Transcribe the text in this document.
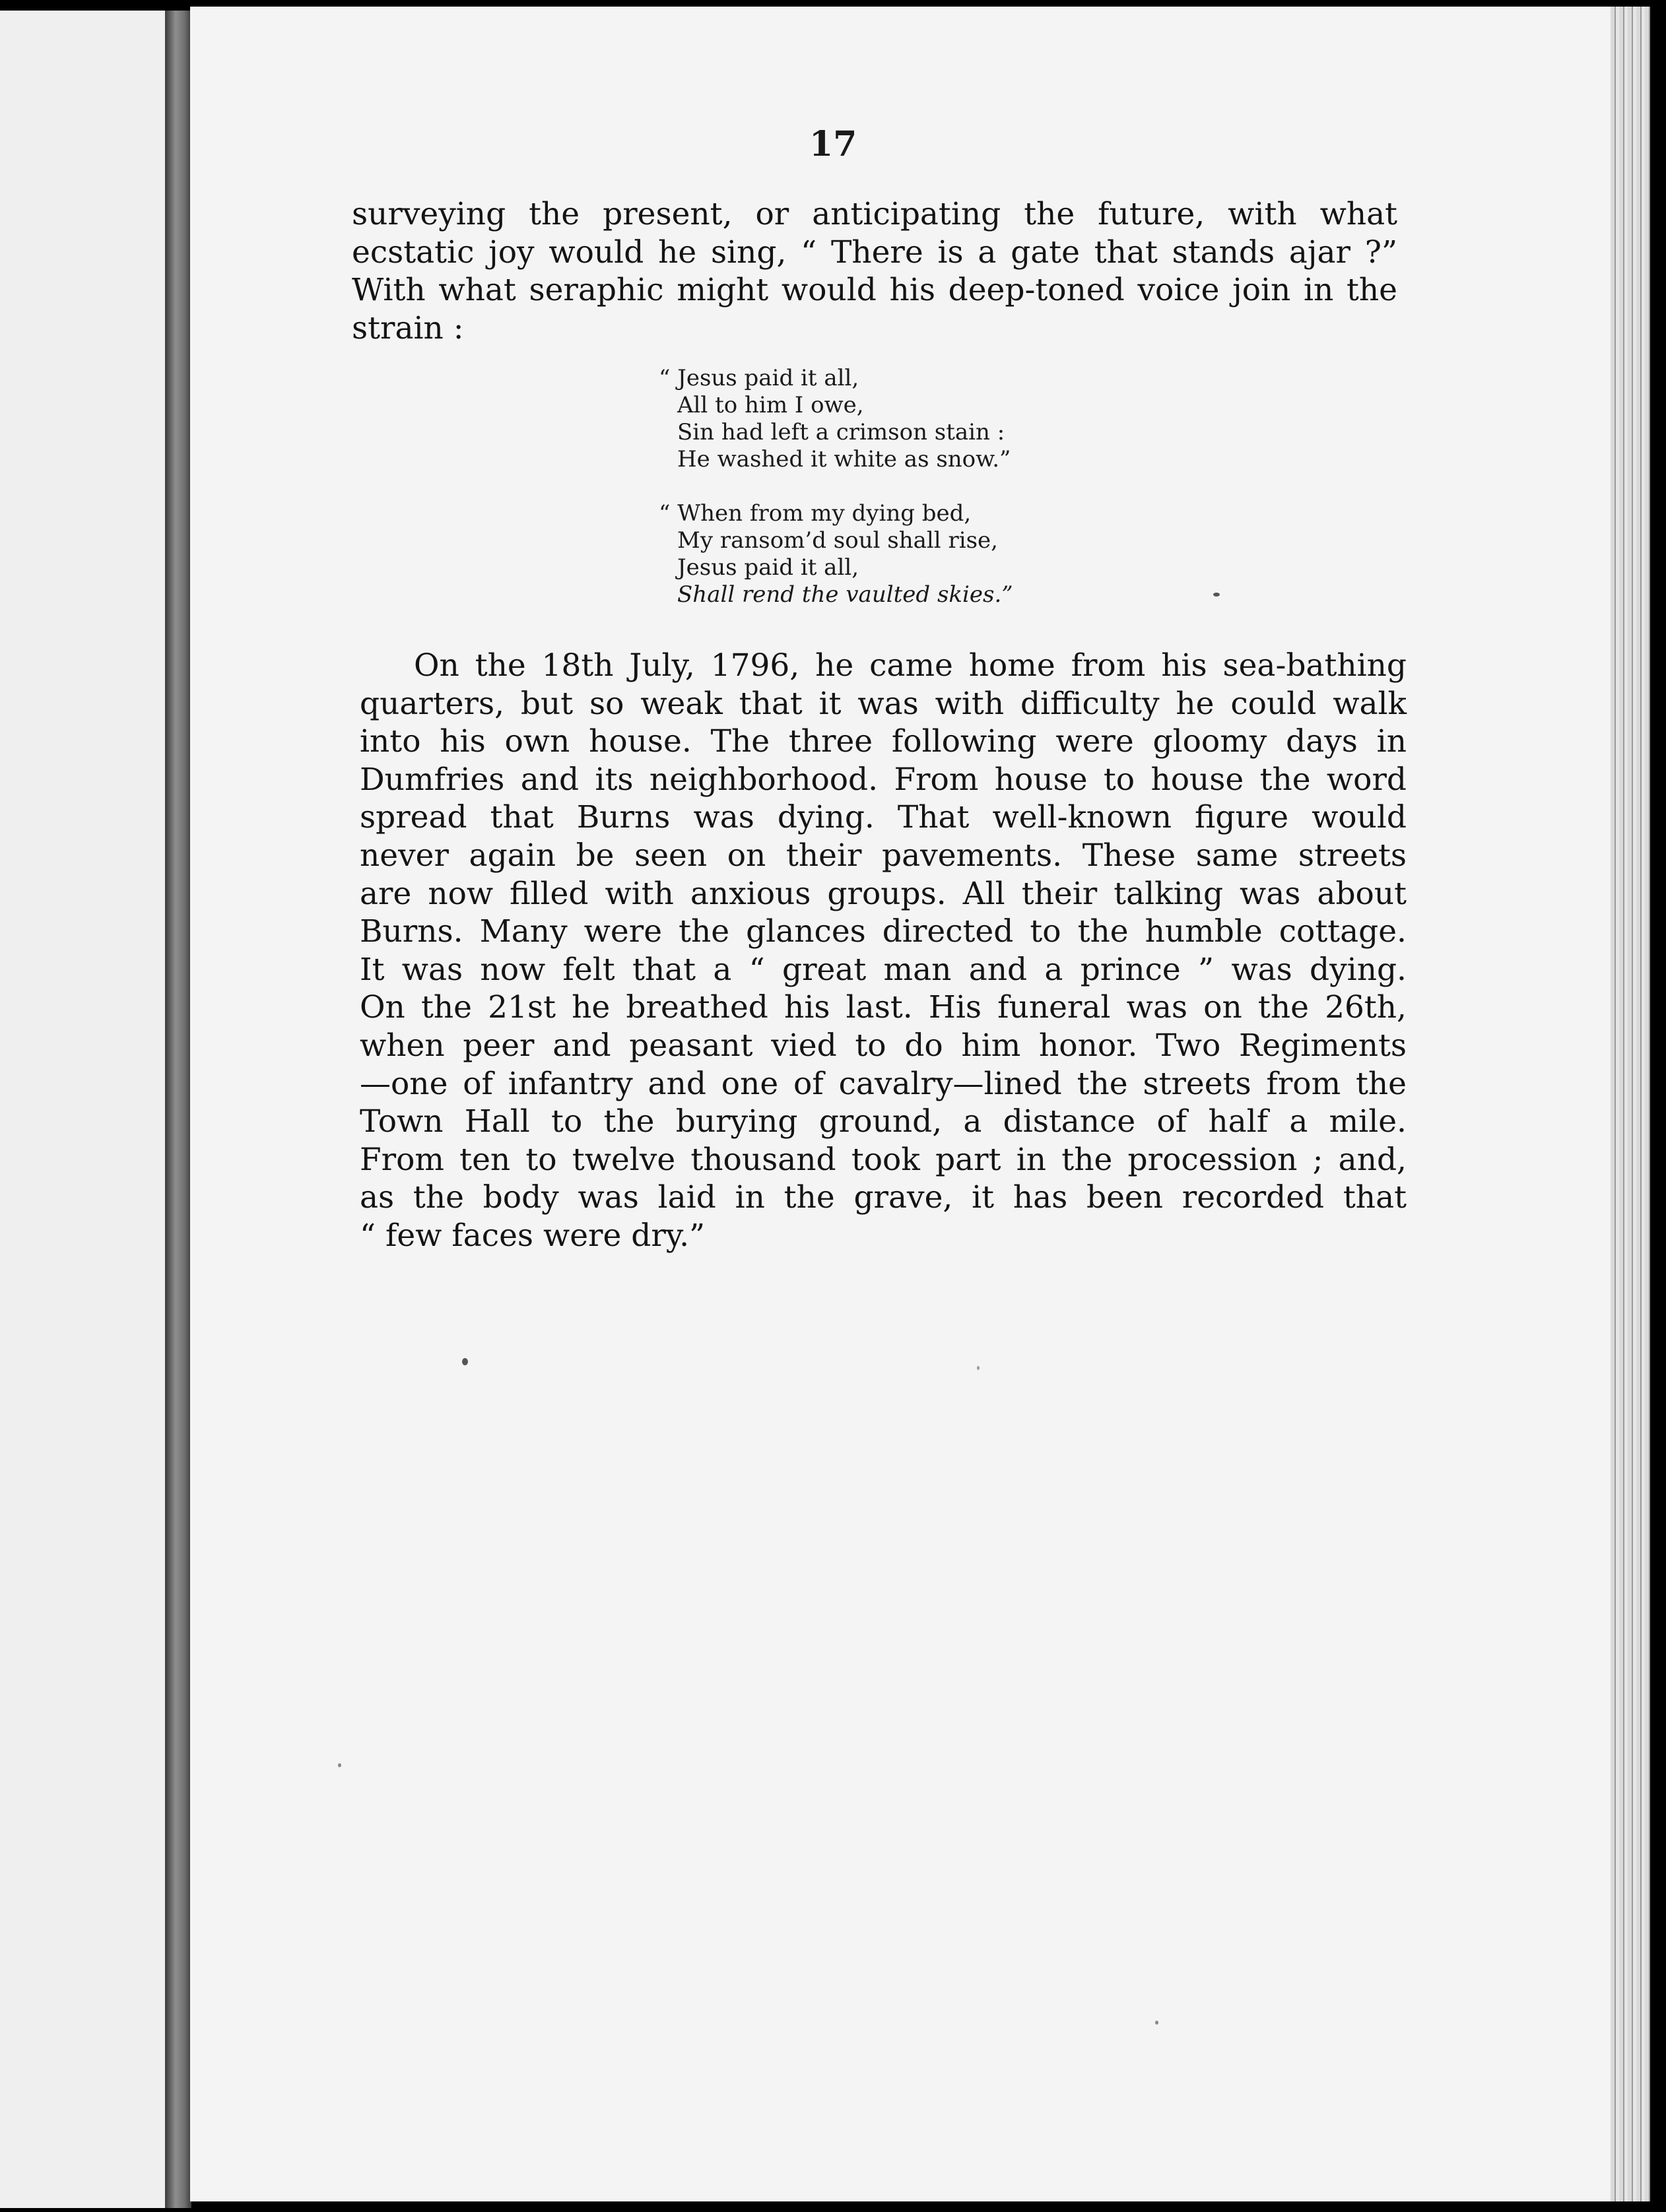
17
surveying the present, or anticipating the future, with what
ecstatic joy would he sing, “ There is a gate that stands ajar ?”
With what seraphic might would his deep-toned voice join in the
strain :
“ Jesus paid it all,
All to him I owe,
Sin had left a crimson stain :
He washed it white as snow.”
“ When from my dying bed,
My ransom’d soul shall rise,
Jesus paid it all,
Shall rend the vaulted skies.”
On the 18th July, 1796, he came home from his sea-bathing
quarters, but so weak that it was with difficulty he could walk
into his own house. The three following were gloomy days in
Dumfries and its neighborhood. From house to house the word
spread that Burns was dying. That well-known figure would
never again be seen on their pavements. These same streets
are now filled with anxious groups. All their talking was about
Burns. Many were the glances directed to the humble cottage.
It was now felt that a “ great man and a prince ” was dying.
On the 21st he breathed his last. His funeral was on the 26th,
when peer and peasant vied to do him honor. Two Regiments
—one of infantry and one of cavalry—lined the streets from the
Town Hall to the burying ground, a distance of half a mile.
From ten to twelve thousand took part in the procession ; and,
as the body was laid in the grave, it has been recorded that
“ few faces were dry.”
